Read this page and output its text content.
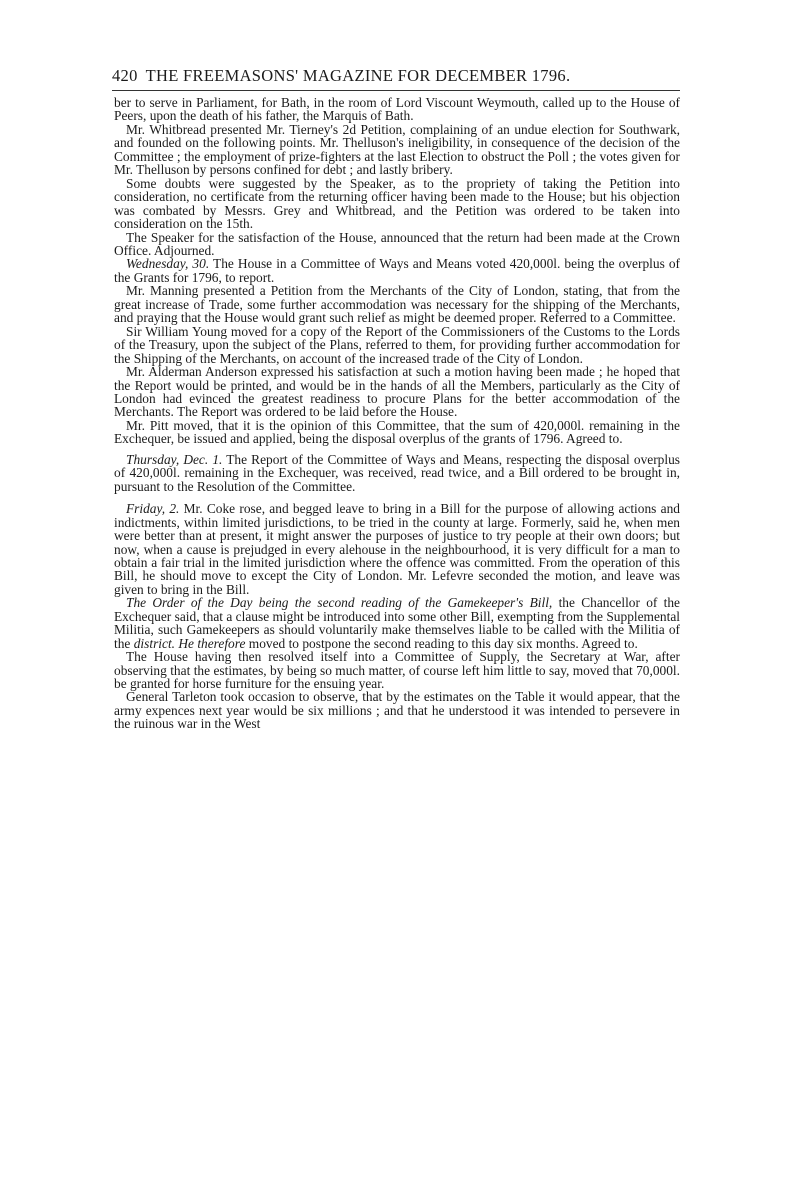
420 THE FREEMASONS' MAGAZINE FOR DECEMBER 1796.

ber to serve in Parliament, for Bath, in the room of Lord Viscount Weymouth, called up to the House of Peers, upon the death of his father, the Marquis of Bath.

Mr. Whitbread presented Mr. Tierney's 2d Petition, complaining of an undue election for Southwark, and founded on the following points. Mr. Thelluson's ineligibility, in consequence of the decision of the Committee ; the employment of prize-fighters at the last Election to obstruct the Poll ; the votes given for Mr. Thelluson by persons confined for debt ; and lastly bribery.

Some doubts were suggested by the Speaker, as to the propriety of taking the Petition into consideration, no certificate from the returning officer having been made to the House; but his objection was combated by Messrs. Grey and Whitbread, and the Petition was ordered to be taken into consideration on the 15th.

The Speaker for the satisfaction of the House, announced that the return had been made at the Crown Office. Adjourned.

Wednesday, 30. The House in a Committee of Ways and Means voted 420,000l. being the overplus of the Grants for 1796, to report.

Mr. Manning presented a Petition from the Merchants of the City of London, stating, that from the great increase of Trade, some further accommodation was necessary for the shipping of the Merchants, and praying that the House would grant such relief as might be deemed proper. Referred to a Committee.

Sir William Young moved for a copy of the Report of the Commissioners of the Customs to the Lords of the Treasury, upon the subject of the Plans, referred to them, for providing further accommodation for the Shipping of the Merchants, on account of the increased trade of the City of London.

Mr. Alderman Anderson expressed his satisfaction at such a motion having been made ; he hoped that the Report would be printed, and would be in the hands of all the Members, particularly as the City of London had evinced the greatest readiness to procure Plans for the better accommodation of the Merchants. The Report was ordered to be laid before the House.

Mr. Pitt moved, that it is the opinion of this Committee, that the sum of 420,000l. remaining in the Exchequer, be issued and applied, being the disposal overplus of the grants of 1796. Agreed to.

Thursday, Dec. 1. The Report of the Committee of Ways and Means, respecting the disposal overplus of 420,000l. remaining in the Exchequer, was received, read twice, and a Bill ordered to be brought in, pursuant to the Resolution of the Committee.

Friday, 2. Mr. Coke rose, and begged leave to bring in a Bill for the purpose of allowing actions and indictments, within limited jurisdictions, to be tried in the county at large. Formerly, said he, when men were better than at present, it might answer the purposes of justice to try people at their own doors; but now, when a cause is prejudged in every alehouse in the neighbourhood, it is very difficult for a man to obtain a fair trial in the limited jurisdiction where the offence was committed. From the operation of this Bill, he should move to except the City of London. Mr. Lefevre seconded the motion, and leave was given to bring in the Bill.

The Order of the Day being the second reading of the Gamekeeper's Bill, the Chancellor of the Exchequer said, that a clause might be introduced into some other Bill, exempting from the Supplemental Militia, such Gamekeepers as should voluntarily make themselves liable to be called with the Militia of the district. He therefore moved to postpone the second reading to this day six months. Agreed to.

The House having then resolved itself into a Committee of Supply, the Secretary at War, after observing that the estimates, by being so much matter, of course left him little to say, moved that 70,000l. be granted for horse furniture for the ensuing year.

General Tarleton took occasion to observe, that by the estimates on the Table it would appear, that the army expences next year would be six millions ; and that he understood it was intended to persevere in the ruinous war in the West
